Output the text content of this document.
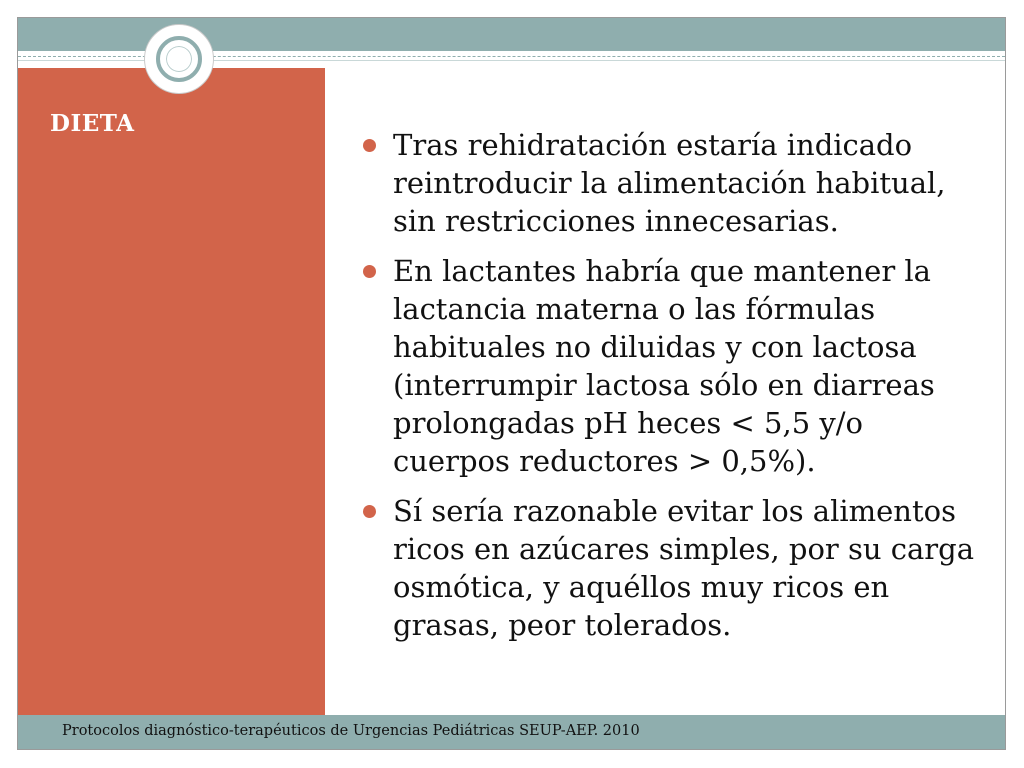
DIETA
Tras rehidratación estaría indicado reintroducir la alimentación habitual, sin restricciones innecesarias.
En lactantes habría que mantener la lactancia materna o las fórmulas habituales no diluidas y con lactosa (interrumpir lactosa sólo en diarreas prolongadas pH heces < 5,5 y/o cuerpos reductores > 0,5%).
Sí sería razonable evitar los alimentos ricos en azúcares simples, por su carga osmótica, y aquéllos muy ricos en grasas, peor tolerados.
Protocolos diagnóstico-terapéuticos de Urgencias Pediátricas SEUP-AEP. 2010
